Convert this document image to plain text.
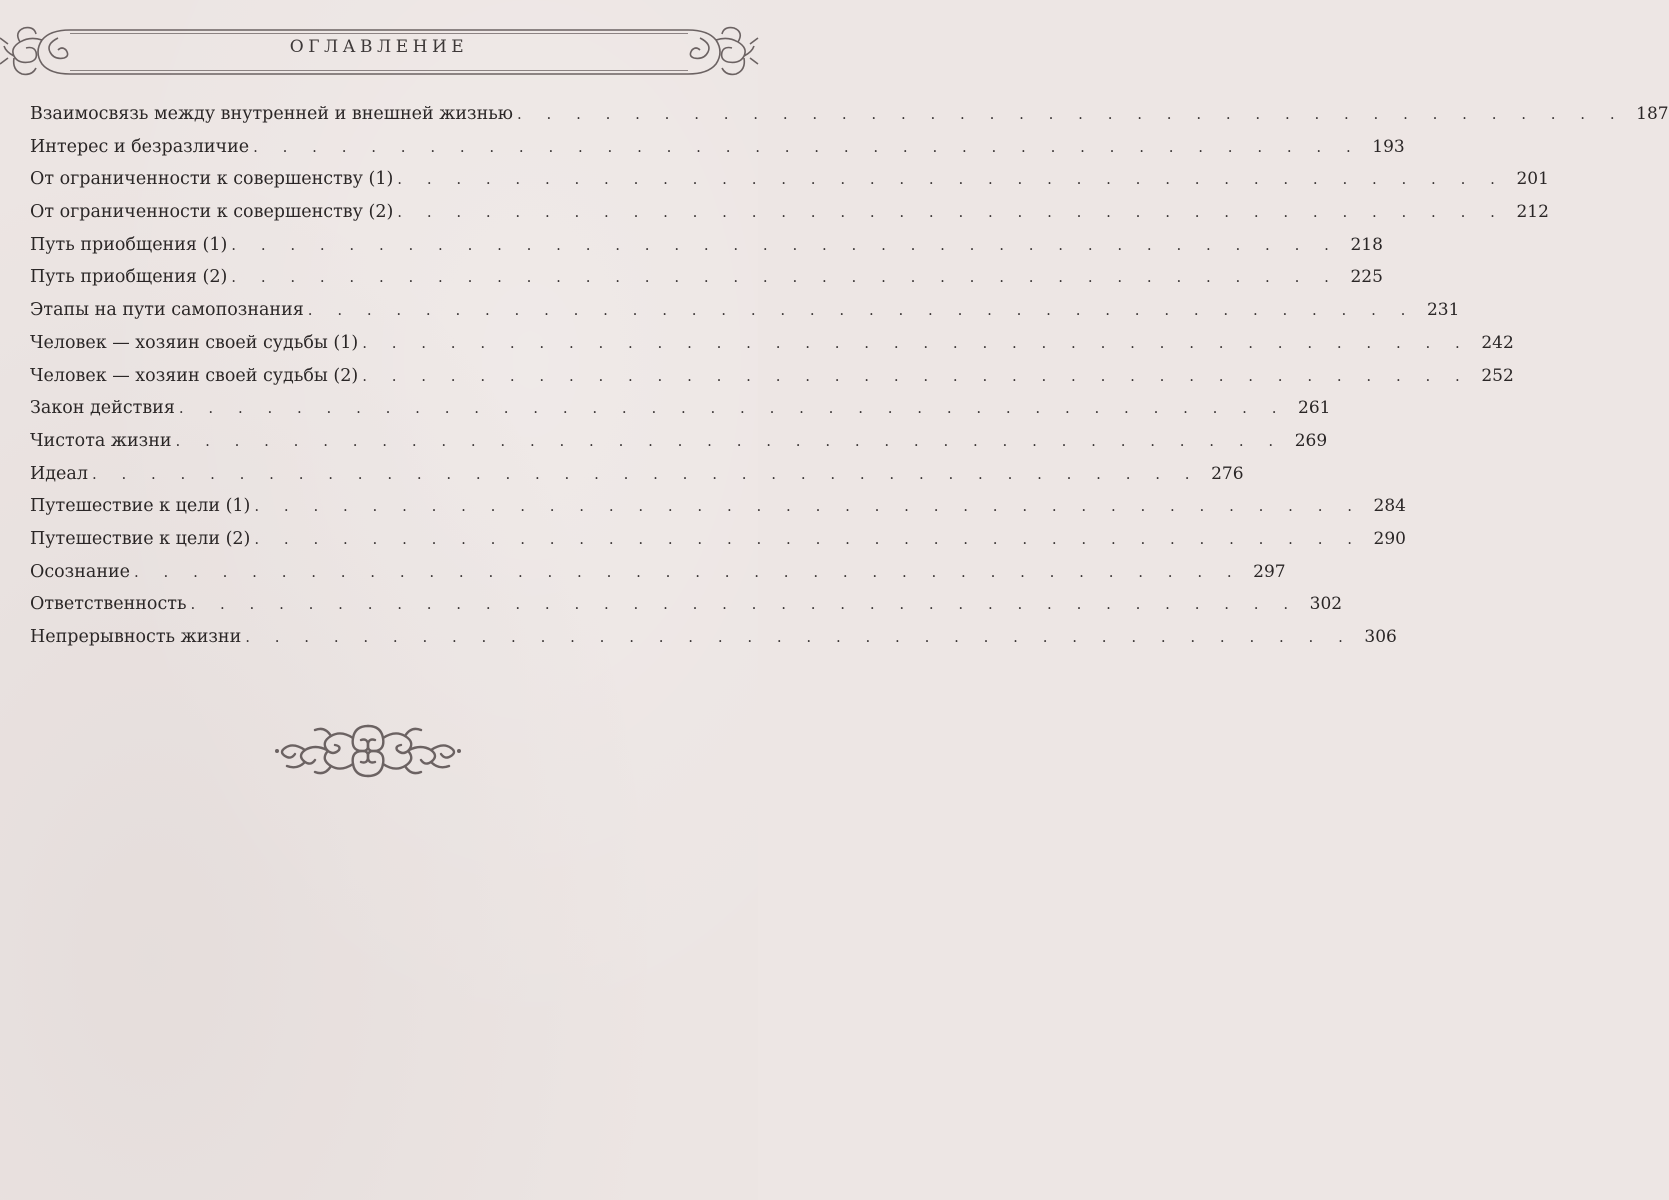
ОГЛАВЛЕНИЕ
Взаимосвязь между внутренней и внешней жизнью . . . . . . . . . . . . . . . . . . . . . . . . . . . . . . . . . . . . . . 187
Интерес и безразличие . . . . . . . . . . . . . . . . . . . . . . . . . . . . . . . . . . . . . . 193
От ограниченности к совершенству (1) . . . . . . . . . . . . . . . . . . . . . . . . . . . . . . . . . . . . . . 201
От ограниченности к совершенству (2) . . . . . . . . . . . . . . . . . . . . . . . . . . . . . . . . . . . . . . 212
Путь приобщения (1) . . . . . . . . . . . . . . . . . . . . . . . . . . . . . . . . . . . . . . 218
Путь приобщения (2) . . . . . . . . . . . . . . . . . . . . . . . . . . . . . . . . . . . . . . 225
Этапы на пути самопознания . . . . . . . . . . . . . . . . . . . . . . . . . . . . . . . . . . . . . . 231
Человек — хозяин своей судьбы (1) . . . . . . . . . . . . . . . . . . . . . . . . . . . . . . . . . . . . . . 242
Человек — хозяин своей судьбы (2) . . . . . . . . . . . . . . . . . . . . . . . . . . . . . . . . . . . . . . 252
Закон действия . . . . . . . . . . . . . . . . . . . . . . . . . . . . . . . . . . . . . . 261
Чистота жизни . . . . . . . . . . . . . . . . . . . . . . . . . . . . . . . . . . . . . . 269
Идеал . . . . . . . . . . . . . . . . . . . . . . . . . . . . . . . . . . . . . . 276
Путешествие к цели (1) . . . . . . . . . . . . . . . . . . . . . . . . . . . . . . . . . . . . . . 284
Путешествие к цели (2) . . . . . . . . . . . . . . . . . . . . . . . . . . . . . . . . . . . . . . 290
Осознание . . . . . . . . . . . . . . . . . . . . . . . . . . . . . . . . . . . . . . 297
Ответственность . . . . . . . . . . . . . . . . . . . . . . . . . . . . . . . . . . . . . . 302
Непрерывность жизни . . . . . . . . . . . . . . . . . . . . . . . . . . . . . . . . . . . . . . 306
